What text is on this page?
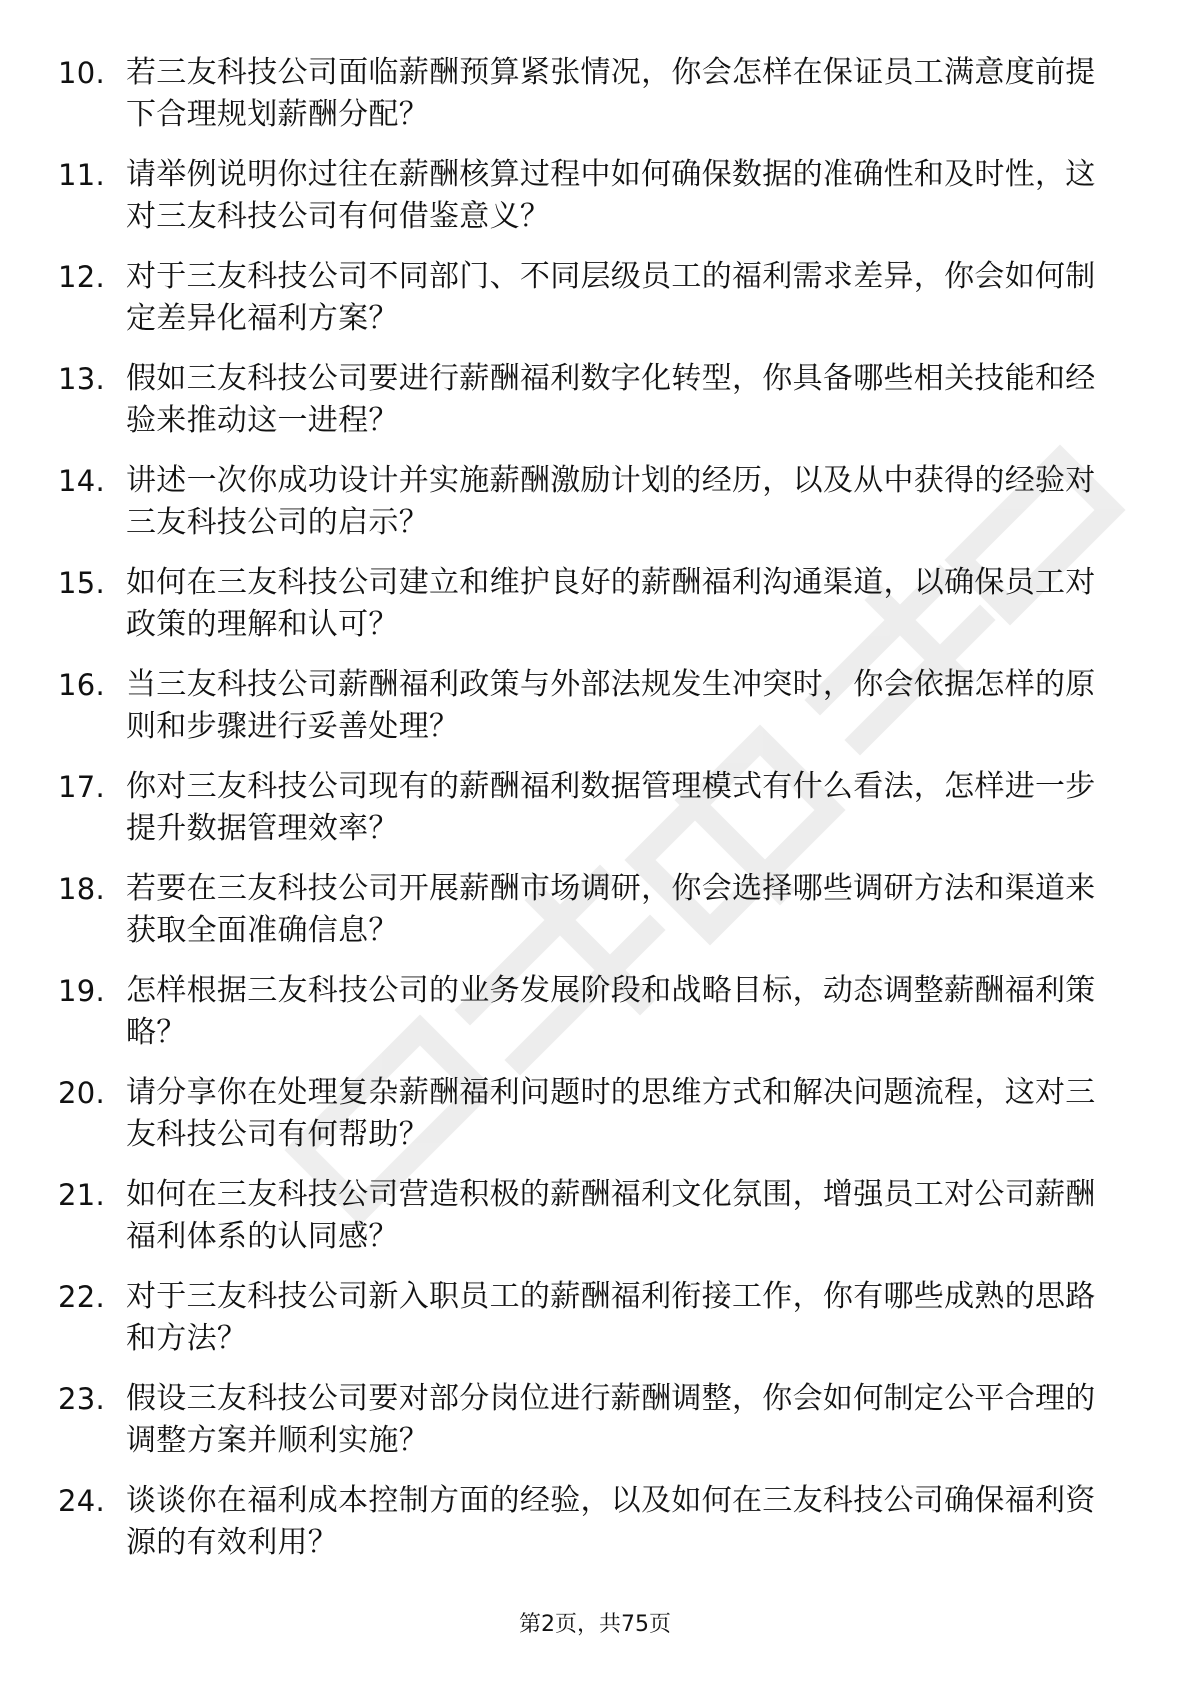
10. 若三友科技公司面临薪酬预算紧张情况，你会怎样在保证员工满意度前提下合理规划薪酬分配？
11. 请举例说明你过往在薪酬核算过程中如何确保数据的准确性和及时性，这对三友科技公司有何借鉴意义？
12. 对于三友科技公司不同部门、不同层级员工的福利需求差异，你会如何制定差异化福利方案？
13. 假如三友科技公司要进行薪酬福利数字化转型，你具备哪些相关技能和经验来推动这一进程？
14. 讲述一次你成功设计并实施薪酬激励计划的经历，以及从中获得的经验对三友科技公司的启示？
15. 如何在三友科技公司建立和维护良好的薪酬福利沟通渠道，以确保员工对政策的理解和认可？
16. 当三友科技公司薪酬福利政策与外部法规发生冲突时，你会依据怎样的原则和步骤进行妥善处理？
17. 你对三友科技公司现有的薪酬福利数据管理模式有什么看法，怎样进一步提升数据管理效率？
18. 若要在三友科技公司开展薪酬市场调研，你会选择哪些调研方法和渠道来获取全面准确信息？
19. 怎样根据三友科技公司的业务发展阶段和战略目标，动态调整薪酬福利策略？
20. 请分享你在处理复杂薪酬福利问题时的思维方式和解决问题流程，这对三友科技公司有何帮助？
21. 如何在三友科技公司营造积极的薪酬福利文化氛围，增强员工对公司薪酬福利体系的认同感？
22. 对于三友科技公司新入职员工的薪酬福利衔接工作，你有哪些成熟的思路和方法？
23. 假设三友科技公司要对部分岗位进行薪酬调整，你会如何制定公平合理的调整方案并顺利实施？
24. 谈谈你在福利成本控制方面的经验，以及如何在三友科技公司确保福利资源的有效利用？
第2页，共75页
